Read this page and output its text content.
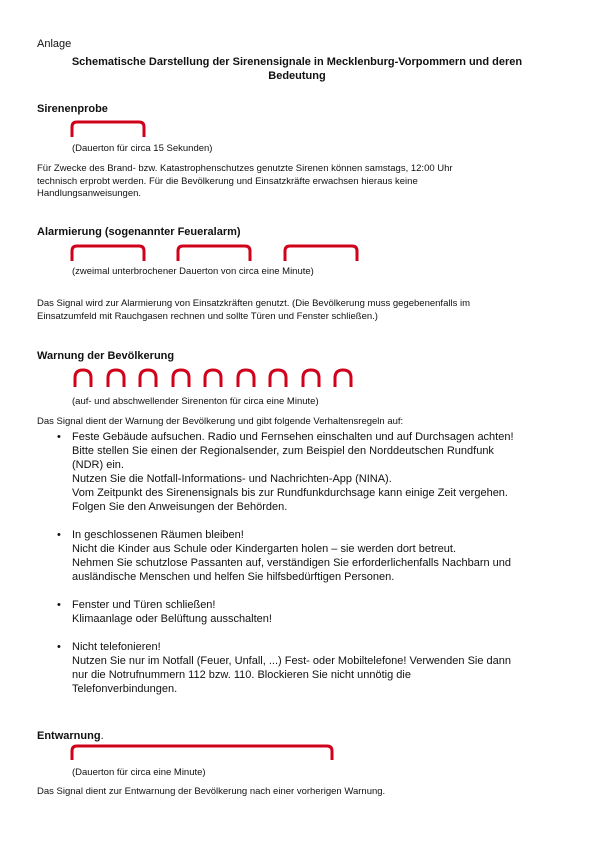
Anlage
Schematische Darstellung der Sirenensignale in Mecklenburg-Vorpommern und deren
Bedeutung
Sirenenprobe
(Dauerton für circa 15 Sekunden)
Für Zwecke des Brand- bzw. Katastrophenschutzes genutzte Sirenen können samstags, 12:00 Uhr
technisch erprobt werden. Für die Bevölkerung und Einsatzkräfte erwachsen hieraus keine
Handlungsanweisungen.
Alarmierung (sogenannter Feueralarm)
(zweimal unterbrochener Dauerton von circa eine Minute)
Das Signal wird zur Alarmierung von Einsatzkräften genutzt. (Die Bevölkerung muss gegebenenfalls im
Einsatzumfeld mit Rauchgasen rechnen und sollte Türen und Fenster schließen.)
Warnung der Bevölkerung
(auf- und abschwellender Sirenenton für circa eine Minute)
Das Signal dient der Warnung der Bevölkerung und gibt folgende Verhaltensregeln auf:
• Feste Gebäude aufsuchen. Radio und Fernsehen einschalten und auf Durchsagen achten!
Bitte stellen Sie einen der Regionalsender, zum Beispiel den Norddeutschen Rundfunk
(NDR) ein.
Nutzen Sie die Notfall-Informations- und Nachrichten-App (NINA).
Vom Zeitpunkt des Sirenensignals bis zur Rundfunkdurchsage kann einige Zeit vergehen.
Folgen Sie den Anweisungen der Behörden.
• In geschlossenen Räumen bleiben!
Nicht die Kinder aus Schule oder Kindergarten holen – sie werden dort betreut.
Nehmen Sie schutzlose Passanten auf, verständigen Sie erforderlichenfalls Nachbarn und
ausländische Menschen und helfen Sie hilfsbedürftigen Personen.
• Fenster und Türen schließen!
Klimaanlage oder Belüftung ausschalten!
• Nicht telefonieren!
Nutzen Sie nur im Notfall (Feuer, Unfall, ...) Fest- oder Mobiltelefone! Verwenden Sie dann
nur die Notrufnummern 112 bzw. 110. Blockieren Sie nicht unnötig die
Telefonverbindungen.
Entwarnung.
(Dauerton für circa eine Minute)
Das Signal dient zur Entwarnung der Bevölkerung nach einer vorherigen Warnung.
